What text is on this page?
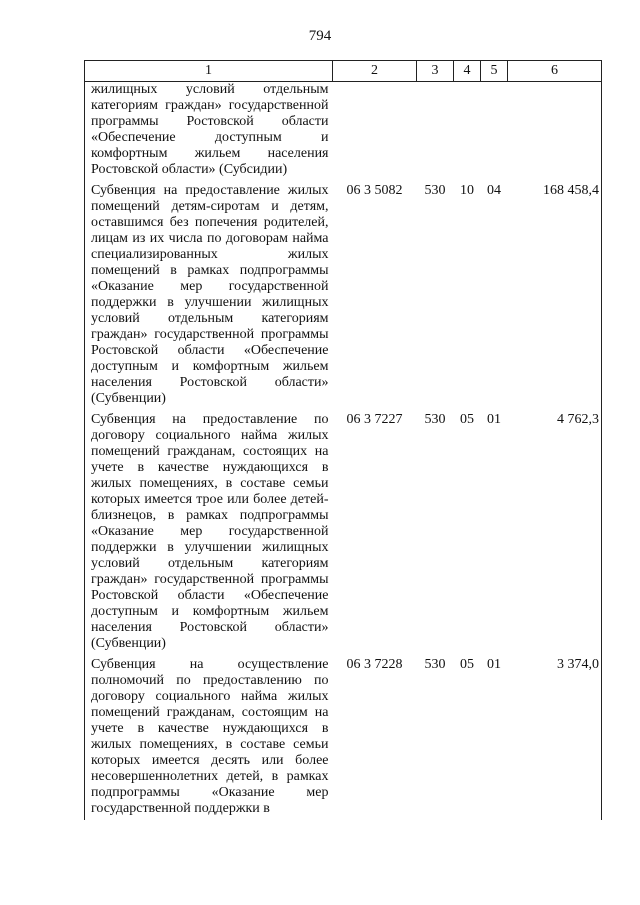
794
1	2	3	4	5	6
жилищных условий отдельным категориям граждан» государственной программы Ростовской области «Обеспечение доступным и комфортным жильем населения Ростовской области» (Субсидии)					
Субвенция на предоставление жилых помещений детям-сиротам и детям, оставшимся без попечения родителей, лицам из их числа по договорам найма специализированных жилых помещений в рамках подпрограммы «Оказание мер государственной поддержки в улучшении жилищных условий отдельным категориям граждан» государственной программы Ростовской области «Обеспечение доступным и комфортным жильем населения Ростовской области» (Субвенции)	06 3 5082	530	10	04	168 458,4
Субвенция на предоставление по договору социального найма жилых помещений гражданам, состоящих на учете в качестве нуждающихся в жилых помещениях, в составе семьи которых имеется трое или более детей-близнецов, в рамках подпрограммы «Оказание мер государственной поддержки в улучшении жилищных условий отдельным категориям граждан» государственной программы Ростовской области «Обеспечение доступным и комфортным жильем населения Ростовской области» (Субвенции)	06 3 7227	530	05	01	4 762,3
Субвенция на осуществление полномочий по предоставлению по договору социального найма жилых помещений гражданам, состоящим на учете в качестве нуждающихся в жилых помещениях, в составе семьи которых имеется десять или более несовершеннолетних детей, в рамках подпрограммы «Оказание мер государственной поддержки в	06 3 7228	530	05	01	3 374,0
